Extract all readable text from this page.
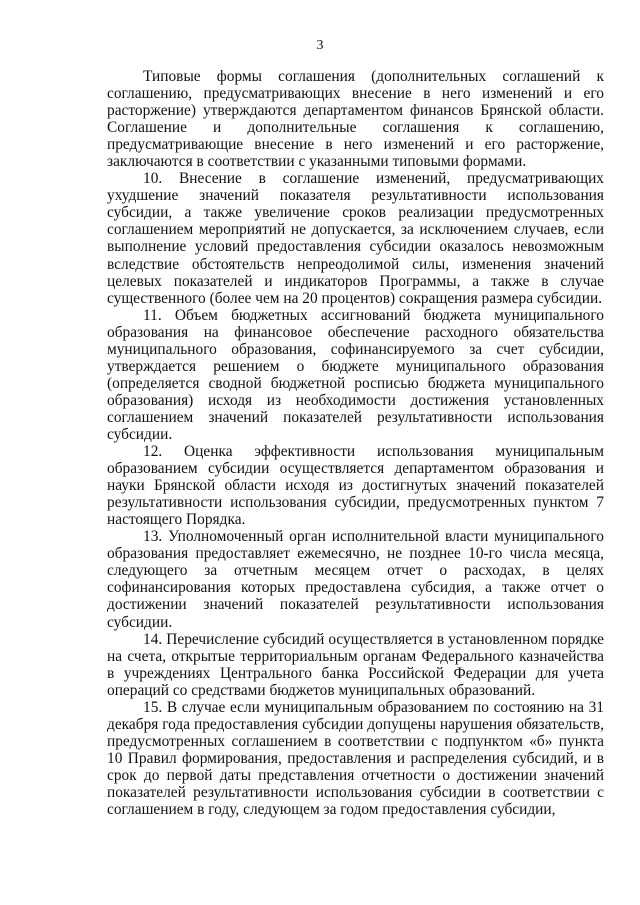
3

Типовые формы соглашения (дополнительных соглашений к соглашению, предусматривающих внесение в него изменений и его расторжение) утверждаются департаментом финансов Брянской области. Соглашение и дополнительные соглашения к соглашению, предусматривающие внесение в него изменений и его расторжение, заключаются в соответствии с указанными типовыми формами.

10. Внесение в соглашение изменений, предусматривающих ухудшение значений показателя результативности использования субсидии, а также увеличение сроков реализации предусмотренных соглашением мероприятий не допускается, за исключением случаев, если выполнение условий предоставления субсидии оказалось невозможным вследствие обстоятельств непреодолимой силы, изменения значений целевых показателей и индикаторов Программы, а также в случае существенного (более чем на 20 процентов) сокращения размера субсидии.

11. Объем бюджетных ассигнований бюджета муниципального образования на финансовое обеспечение расходного обязательства муниципального образования, софинансируемого за счет субсидии, утверждается решением о бюджете муниципального образования (определяется сводной бюджетной росписью бюджета муниципального образования) исходя из необходимости достижения установленных соглашением значений показателей результативности использования субсидии.

12. Оценка эффективности использования муниципальным образованием субсидии осуществляется департаментом образования и науки Брянской области исходя из достигнутых значений показателей результативности использования субсидии, предусмотренных пунктом 7 настоящего Порядка.

13. Уполномоченный орган исполнительной власти муниципального образования предоставляет ежемесячно, не позднее 10-го числа месяца, следующего за отчетным месяцем отчет о расходах, в целях софинансирования которых предоставлена субсидия, а также отчет о достижении значений показателей результативности использования субсидии.

14. Перечисление субсидий осуществляется в установленном порядке на счета, открытые территориальным органам Федерального казначейства в учреждениях Центрального банка Российской Федерации для учета операций со средствами бюджетов муниципальных образований.

15. В случае если муниципальным образованием по состоянию на 31 декабря года предоставления субсидии допущены нарушения обязательств, предусмотренных соглашением в соответствии с подпунктом «б» пункта 10 Правил формирования, предоставления и распределения субсидий, и в срок до первой даты представления отчетности о достижении значений показателей результативности использования субсидии в соответствии с соглашением в году, следующем за годом предоставления субсидии,
